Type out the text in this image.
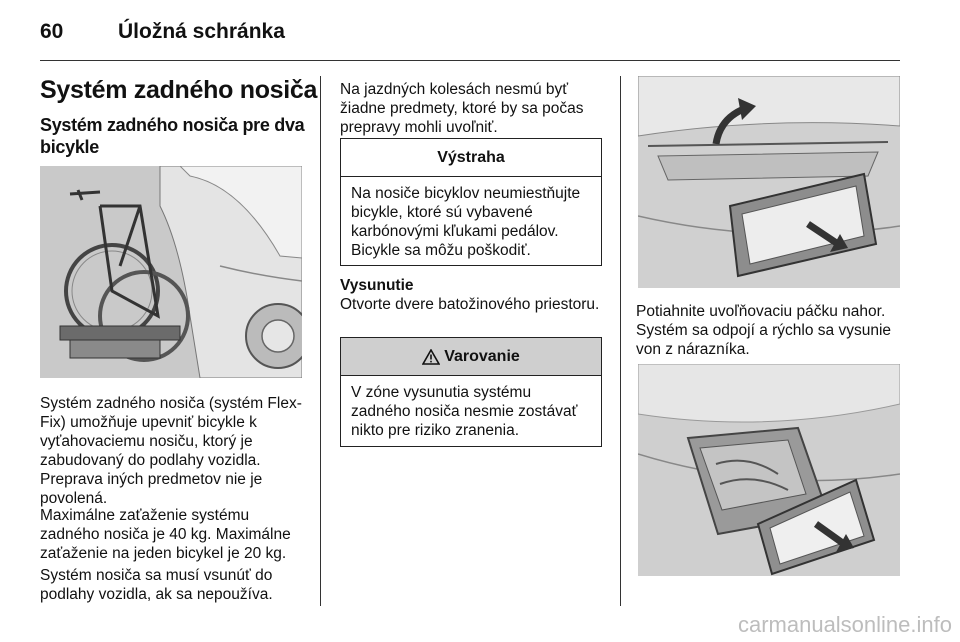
60	Úložná schránka
Systém zadného nosiča
Systém zadného nosiča pre dva bicykle
Systém zadného nosiča (systém Flex-Fix) umožňuje upevniť bicykle k vyťahovaciemu nosiču, ktorý je zabudovaný do podlahy vozidla. Preprava iných predmetov nie je povolená.
Maximálne zaťaženie systému zadného nosiča je 40 kg. Maximálne zaťaženie na jeden bicykel je 20 kg.
Systém nosiča sa musí vsunúť do podlahy vozidla, ak sa nepoužíva.
Na jazdných kolesách nesmú byť žiadne predmety, ktoré by sa počas prepravy mohli uvoľniť.
Výstraha
Na nosiče bicyklov neumiestňujte bicykle, ktoré sú vybavené karbónovými kľukami pedálov. Bicykle sa môžu poškodiť.
Vysunutie
Otvorte dvere batožinového priestoru.
Varovanie
V zóne vysunutia systému zadného nosiča nesmie zostávať nikto pre riziko zranenia.
Potiahnite uvoľňovaciu páčku nahor. Systém sa odpojí a rýchlo sa vysunie von z nárazníka.
carmanualsonline.info
